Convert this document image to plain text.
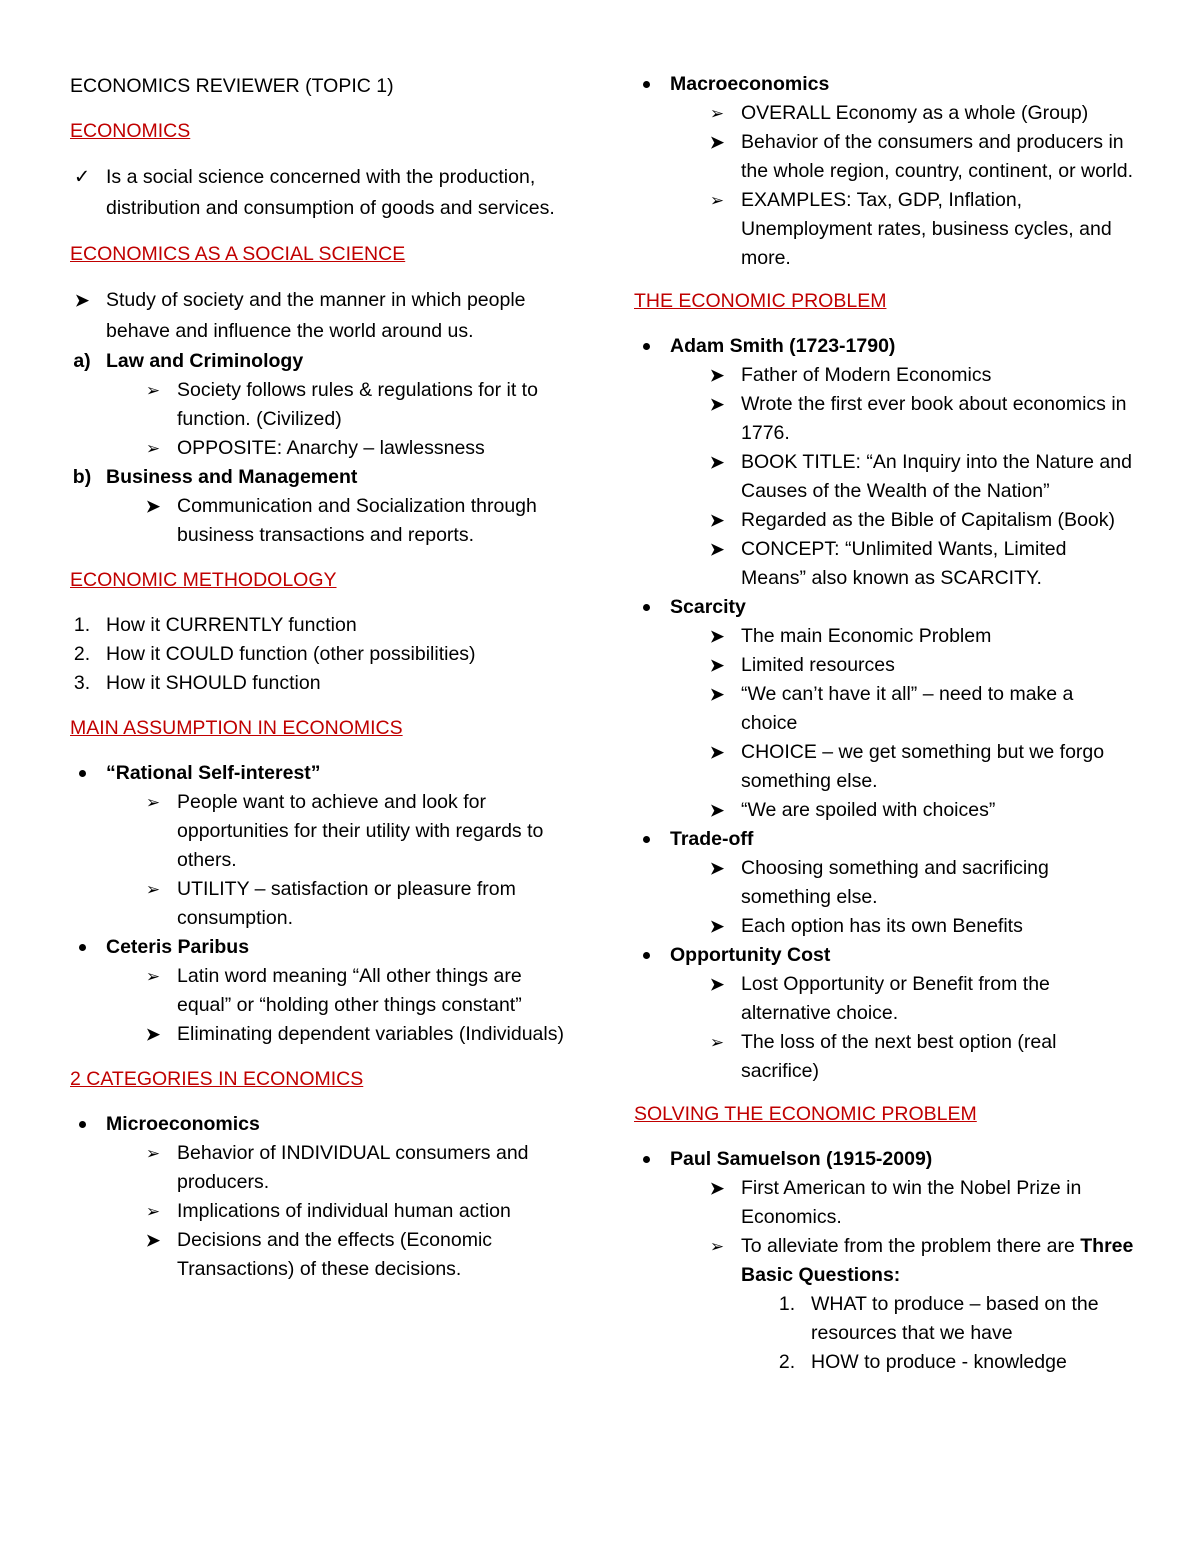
ECONOMICS REVIEWER (TOPIC 1)
ECONOMICS
✓ Is a social science concerned with the production, distribution and consumption of goods and services.
ECONOMICS AS A SOCIAL SCIENCE
➤ Study of society and the manner in which people behave and influence the world around us.
a) Law and Criminology
➢ Society follows rules & regulations for it to function. (Civilized)
➢ OPPOSITE: Anarchy – lawlessness
b) Business and Management
➤ Communication and Socialization through business transactions and reports.
ECONOMIC METHODOLOGY
1. How it CURRENTLY function
2. How it COULD function (other possibilities)
3. How it SHOULD function
MAIN ASSUMPTION IN ECONOMICS
“Rational Self-interest”
➢ People want to achieve and look for opportunities for their utility with regards to others.
➢ UTILITY – satisfaction or pleasure from consumption.
Ceteris Paribus
➢ Latin word meaning “All other things are equal” or “holding other things constant”
➤ Eliminating dependent variables (Individuals)
2 CATEGORIES IN ECONOMICS
Microeconomics
➢ Behavior of INDIVIDUAL consumers and producers.
➢ Implications of individual human action
➤ Decisions and the effects (Economic Transactions) of these decisions.
Macroeconomics
➢ OVERALL Economy as a whole (Group)
➤ Behavior of the consumers and producers in the whole region, country, continent, or world.
➢ EXAMPLES: Tax, GDP, Inflation, Unemployment rates, business cycles, and more.
THE ECONOMIC PROBLEM
Adam Smith (1723-1790)
➤ Father of Modern Economics
➤ Wrote the first ever book about economics in 1776.
➤ BOOK TITLE: “An Inquiry into the Nature and Causes of the Wealth of the Nation”
➤ Regarded as the Bible of Capitalism (Book)
➤ CONCEPT: “Unlimited Wants, Limited Means” also known as SCARCITY.
Scarcity
➤ The main Economic Problem
➤ Limited resources
➤ “We can’t have it all” – need to make a choice
➤ CHOICE – we get something but we forgo something else.
➤ “We are spoiled with choices”
Trade-off
➤ Choosing something and sacrificing something else.
➤ Each option has its own Benefits
Opportunity Cost
➤ Lost Opportunity or Benefit from the alternative choice.
➢ The loss of the next best option (real sacrifice)
SOLVING THE ECONOMIC PROBLEM
Paul Samuelson (1915-2009)
➤ First American to win the Nobel Prize in Economics.
➢ To alleviate from the problem there are Three Basic Questions:
1. WHAT to produce – based on the resources that we have
2. HOW to produce - knowledge
